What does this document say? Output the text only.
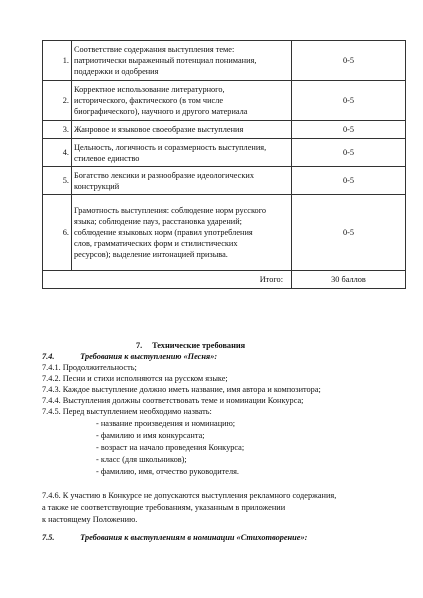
1.	Соответствие содержания выступления теме:
патриотически выраженный потенциал понимания,
поддержки и одобрения	0-5
2.	Корректное использование литературного,
исторического, фактического (в том числе
биографического), научного и другого материала	0-5
3.	Жанровое и языковое своеобразие выступления	0-5
4.	Цельность, логичность и соразмерность выступления,
стилевое единство	0-5
5.	Богатство лексики и разнообразие идеологических
конструкций	0-5
6.	Грамотность выступления: соблюдение норм русского
языка; соблюдение пауз, расстановка ударений;
соблюдение языковых норм (правил употребления
слов, грамматических форм и стилистических
ресурсов); выделение интонацией призыва.	0-5
Итого:		30 баллов
7. Технические требования
7.4.	Требования к выступлению «Песня»:
7.4.1. Продолжительность;
7.4.2. Песни и стихи исполняются на русском языке;
7.4.3. Каждое выступление должно иметь название, имя автора и композитора;
7.4.4. Выступления должны соответствовать теме и номинации Конкурса;
7.4.5. Перед выступлением необходимо назвать:
- название произведения и номинацию;
- фамилию и имя конкурсанта;
- возраст на начало проведения Конкурса;
- класс (для школьников);
- фамилию, имя, отчество руководителя.
7.4.6. К участию в Конкурсе не допускаются выступления рекламного содержания,
а также не соответствующие требованиям, указанным в приложении
к настоящему Положению.
7.5.	Требования к выступлениям в номинации «Стихотворение»:
